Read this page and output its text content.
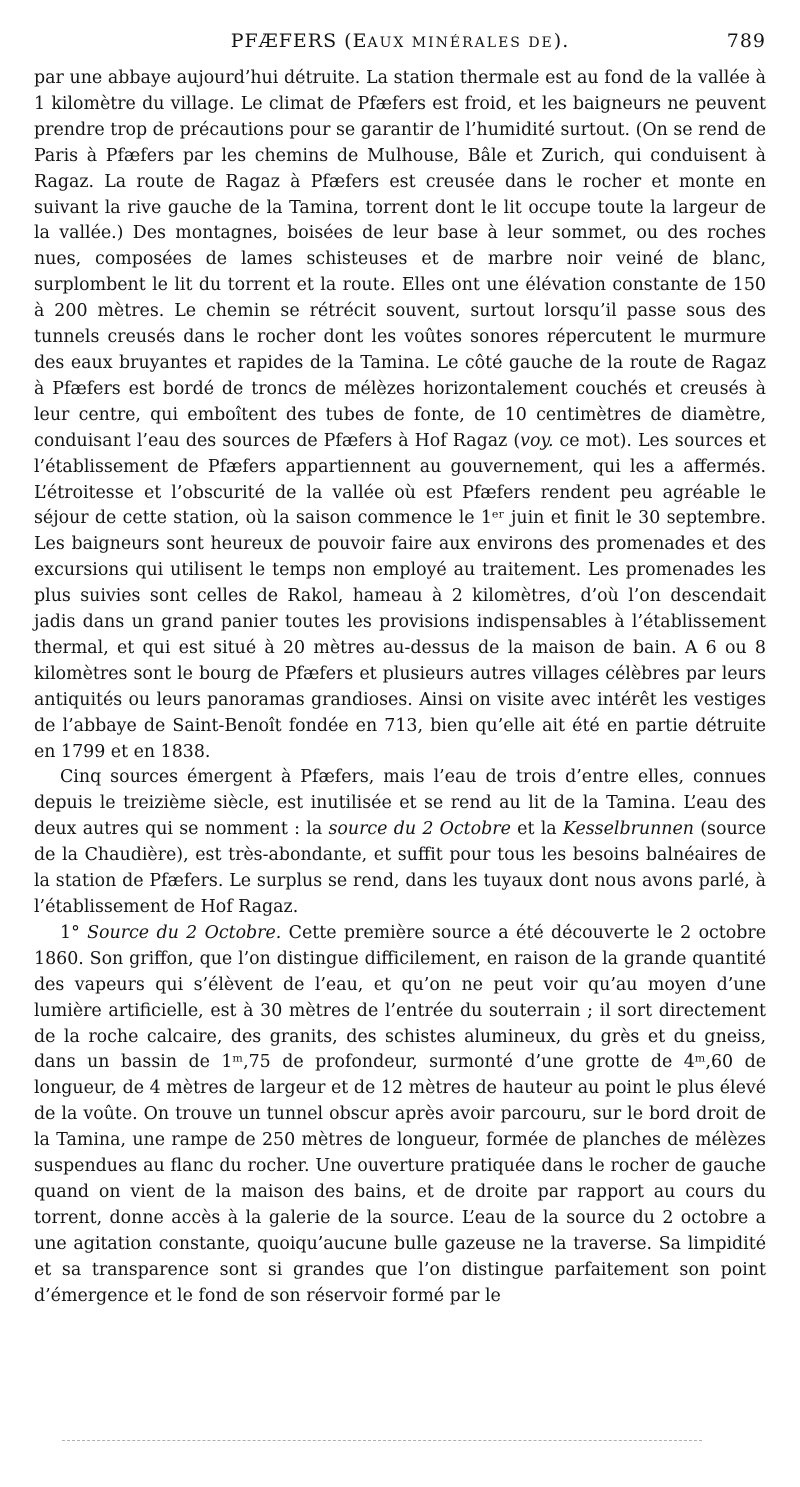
PFÆFERS (EAUX MINÉRALES DE).	789

par une abbaye aujourd’hui détruite. La station thermale est au fond de la vallée à 1 kilomètre du village. Le climat de Pfæfers est froid, et les baigneurs ne peuvent prendre trop de précautions pour se garantir de l’humidité surtout. (On se rend de Paris à Pfæfers par les chemins de Mulhouse, Bâle et Zurich, qui conduisent à Ragaz. La route de Ragaz à Pfæfers est creusée dans le rocher et monte en suivant la rive gauche de la Tamina, torrent dont le lit occupe toute la largeur de la vallée.) Des montagnes, boisées de leur base à leur sommet, ou des roches nues, composées de lames schisteuses et de marbre noir veiné de blanc, surplombent le lit du torrent et la route. Elles ont une élévation constante de 150 à 200 mètres. Le chemin se rétrécit souvent, surtout lorsqu’il passe sous des tunnels creusés dans le rocher dont les voûtes sonores répercutent le murmure des eaux bruyantes et rapides de la Tamina. Le côté gauche de la route de Ragaz à Pfæfers est bordé de troncs de mélèzes horizontalement couchés et creusés à leur centre, qui emboîtent des tubes de fonte, de 10 centimètres de diamètre, conduisant l’eau des sources de Pfæfers à Hof Ragaz (voy. ce mot). Les sources et l’établissement de Pfæfers appartiennent au gouvernement, qui les a affermés. L’étroitesse et l’obscurité de la vallée où est Pfæfers rendent peu agréable le séjour de cette station, où la saison commence le 1ᵉʳ juin et finit le 30 septembre. Les baigneurs sont heureux de pouvoir faire aux environs des promenades et des excursions qui utilisent le temps non employé au traitement. Les promenades les plus suivies sont celles de Rakol, hameau à 2 kilomètres, d’où l’on descendait jadis dans un grand panier toutes les provisions indispensables à l’établissement thermal, et qui est situé à 20 mètres au-dessus de la maison de bain. A 6 ou 8 kilomètres sont le bourg de Pfæfers et plusieurs autres villages célèbres par leurs antiquités ou leurs panoramas grandioses. Ainsi on visite avec intérêt les vestiges de l’abbaye de Saint-Benoît fondée en 713, bien qu’elle ait été en partie détruite en 1799 et en 1838.

Cinq sources émergent à Pfæfers, mais l’eau de trois d’entre elles, connues depuis le treizième siècle, est inutilisée et se rend au lit de la Tamina. L’eau des deux autres qui se nomment : la source du 2 Octobre et la Kesselbrunnen (source de la Chaudière), est très-abondante, et suffit pour tous les besoins balnéaires de la station de Pfæfers. Le surplus se rend, dans les tuyaux dont nous avons parlé, à l’établissement de Hof Ragaz.

1° Source du 2 Octobre. Cette première source a été découverte le 2 octobre 1860. Son griffon, que l’on distingue difficilement, en raison de la grande quantité des vapeurs qui s’élèvent de l’eau, et qu’on ne peut voir qu’au moyen d’une lumière artificielle, est à 30 mètres de l’entrée du souterrain ; il sort directement de la roche calcaire, des granits, des schistes alumineux, du grès et du gneiss, dans un bassin de 1ᵐ,75 de profondeur, surmonté d’une grotte de 4ᵐ,60 de longueur, de 4 mètres de largeur et de 12 mètres de hauteur au point le plus élevé de la voûte. On trouve un tunnel obscur après avoir parcouru, sur le bord droit de la Tamina, une rampe de 250 mètres de longueur, formée de planches de mélèzes suspendues au flanc du rocher. Une ouverture pratiquée dans le rocher de gauche quand on vient de la maison des bains, et de droite par rapport au cours du torrent, donne accès à la galerie de la source. L’eau de la source du 2 octobre a une agitation constante, quoiqu’aucune bulle gazeuse ne la traverse. Sa limpidité et sa transparence sont si grandes que l’on distingue parfaitement son point d’émergence et le fond de son réservoir formé par le
